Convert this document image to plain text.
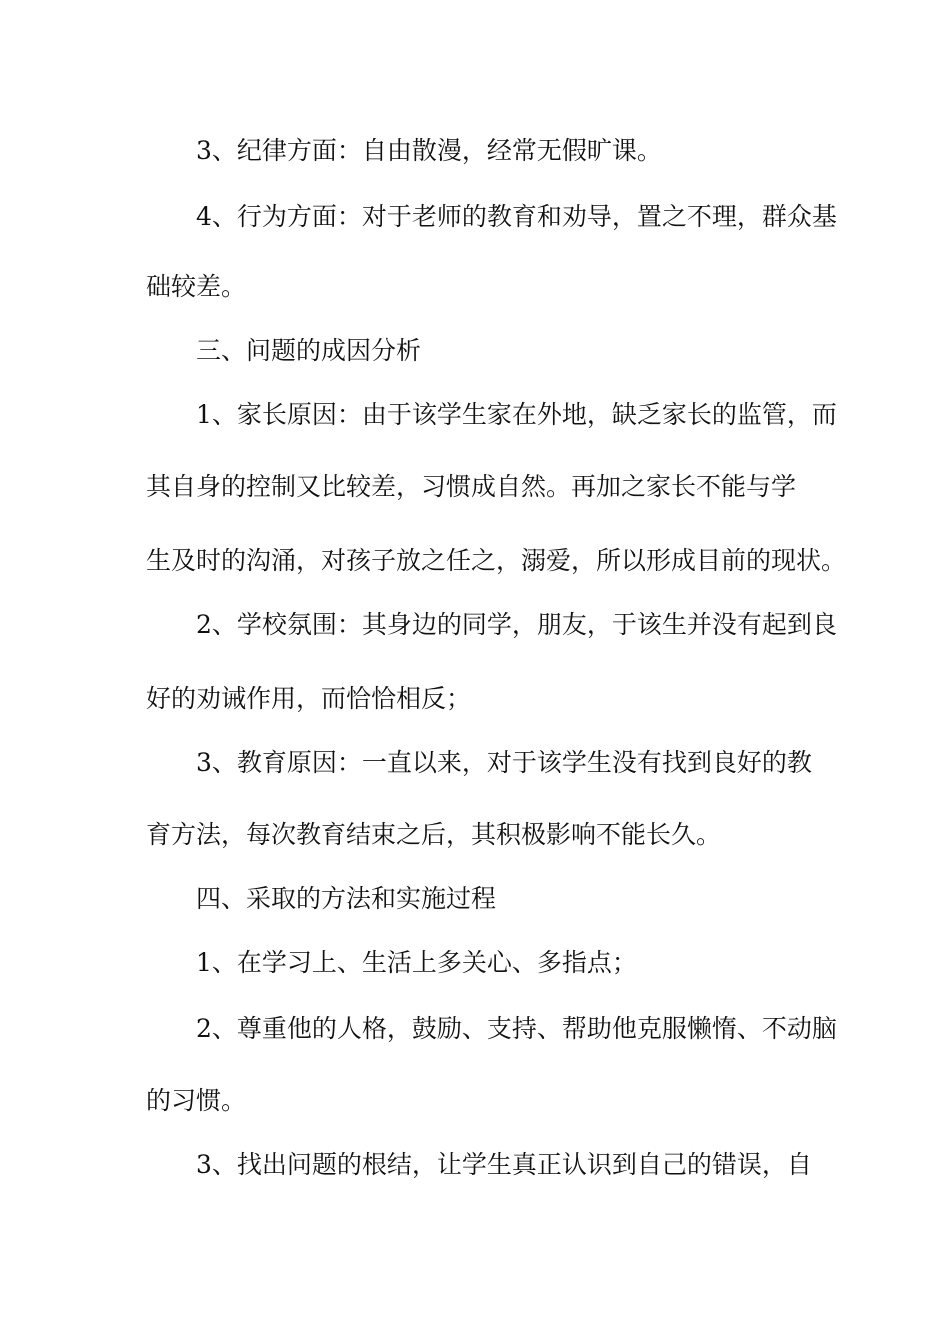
3、纪律方面：自由散漫，经常无假旷课。
4、行为方面：对于老师的教育和劝导，置之不理，群众基
础较差。
三、问题的成因分析
1、家长原因：由于该学生家在外地，缺乏家长的监管，而
其自身的控制又比较差，习惯成自然。再加之家长不能与学
生及时的沟涌，对孩子放之任之，溺爱，所以形成目前的现状。
2、学校氛围：其身边的同学，朋友，于该生并没有起到良
好的劝诫作用，而恰恰相反；
3、教育原因：一直以来，对于该学生没有找到良好的教
育方法，每次教育结束之后，其积极影响不能长久。
四、采取的方法和实施过程
1、在学习上、生活上多关心、多指点；
2、尊重他的人格，鼓励、支持、帮助他克服懒惰、不动脑
的习惯。
3、找出问题的根结，让学生真正认识到自己的错误，自
